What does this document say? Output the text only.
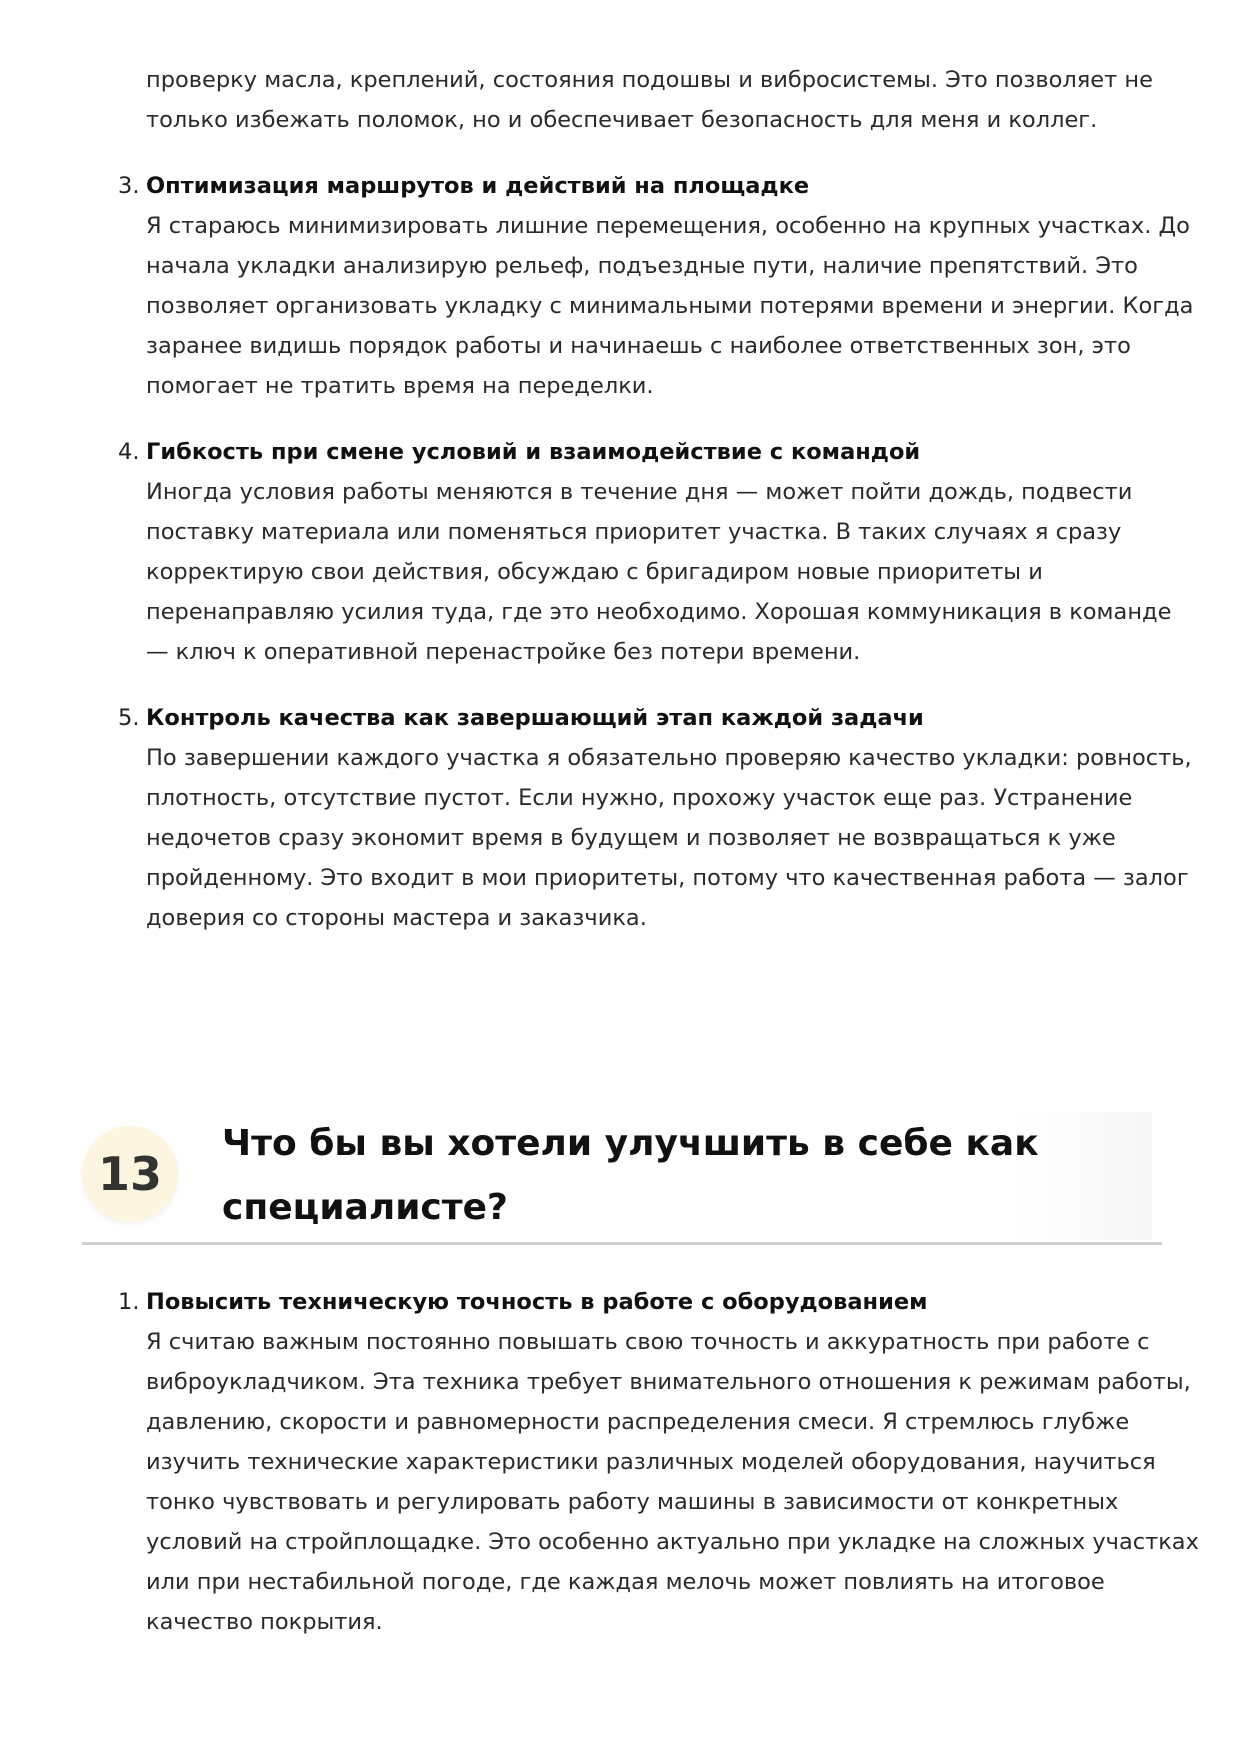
проверку масла, креплений, состояния подошвы и вибросистемы. Это позволяет не
только избежать поломок, но и обеспечивает безопасность для меня и коллег.
3. Оптимизация маршрутов и действий на площадке
Я стараюсь минимизировать лишние перемещения, особенно на крупных участках. До
начала укладки анализирую рельеф, подъездные пути, наличие препятствий. Это
позволяет организовать укладку с минимальными потерями времени и энергии. Когда
заранее видишь порядок работы и начинаешь с наиболее ответственных зон, это
помогает не тратить время на переделки.
4. Гибкость при смене условий и взаимодействие с командой
Иногда условия работы меняются в течение дня — может пойти дождь, подвести
поставку материала или поменяться приоритет участка. В таких случаях я сразу
корректирую свои действия, обсуждаю с бригадиром новые приоритеты и
перенаправляю усилия туда, где это необходимо. Хорошая коммуникация в команде
— ключ к оперативной перенастройке без потери времени.
5. Контроль качества как завершающий этап каждой задачи
По завершении каждого участка я обязательно проверяю качество укладки: ровность,
плотность, отсутствие пустот. Если нужно, прохожу участок еще раз. Устранение
недочетов сразу экономит время в будущем и позволяет не возвращаться к уже
пройденному. Это входит в мои приоритеты, потому что качественная работа — залог
доверия со стороны мастера и заказчика.
13
Что бы вы хотели улучшить в себе как
специалисте?
1. Повысить техническую точность в работе с оборудованием
Я считаю важным постоянно повышать свою точность и аккуратность при работе с
виброукладчиком. Эта техника требует внимательного отношения к режимам работы,
давлению, скорости и равномерности распределения смеси. Я стремлюсь глубже
изучить технические характеристики различных моделей оборудования, научиться
тонко чувствовать и регулировать работу машины в зависимости от конкретных
условий на стройплощадке. Это особенно актуально при укладке на сложных участках
или при нестабильной погоде, где каждая мелочь может повлиять на итоговое
качество покрытия.
